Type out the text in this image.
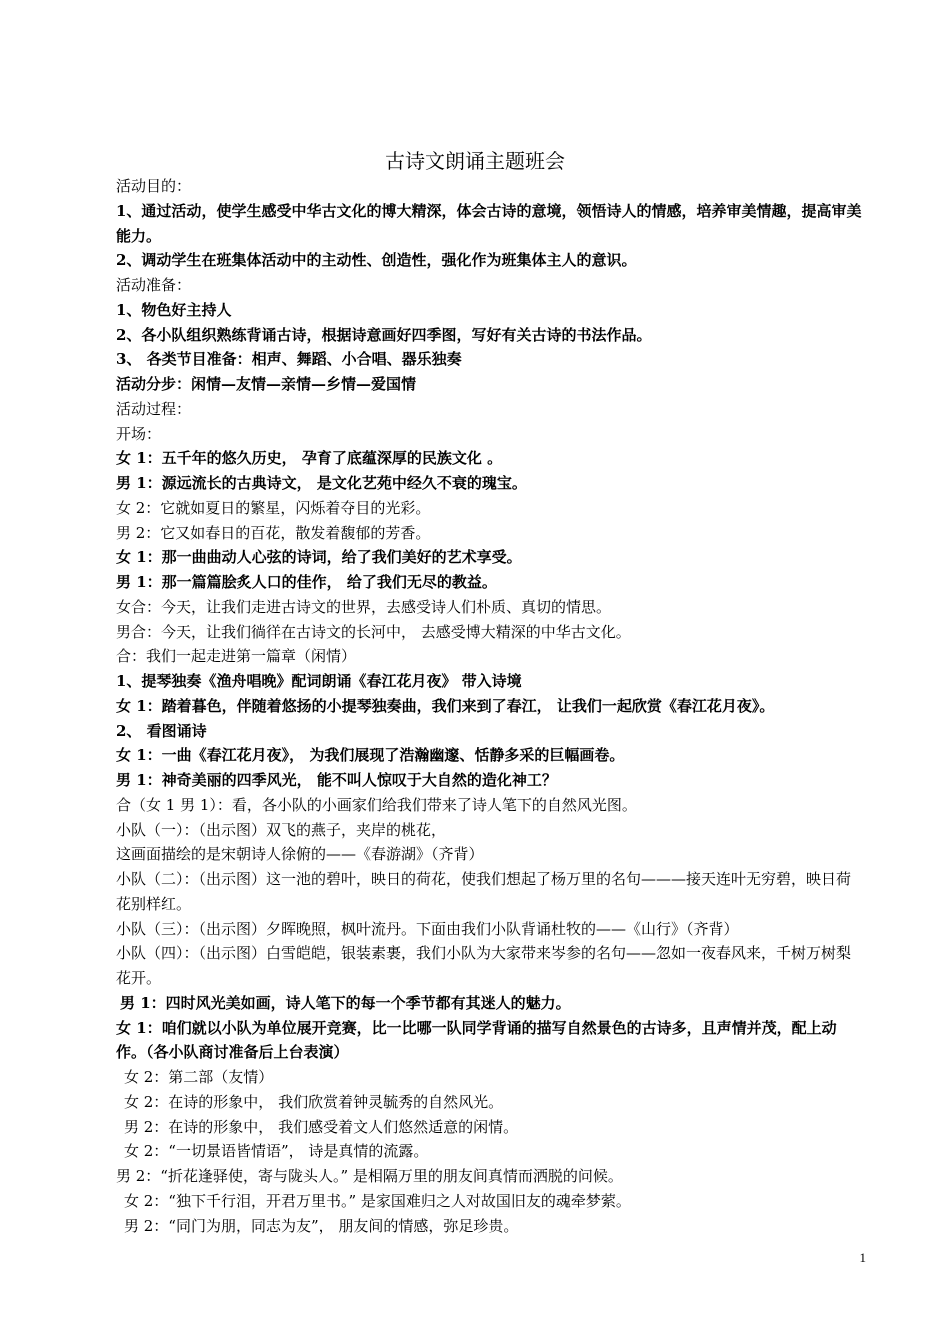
古诗文朗诵主题班会

活动目的：

1、通过活动，使学生感受中华古文化的博大精深，体会古诗的意境，领悟诗人的情感，培养审美情趣，提高审美能力。

2、调动学生在班集体活动中的主动性、创造性，强化作为班集体主人的意识。

活动准备：

1、物色好主持人

2、各小队组织熟练背诵古诗，根据诗意画好四季图，写好有关古诗的书法作品。

3、 各类节目准备：相声、舞蹈、小合唱、器乐独奏

活动分步：闲情—友情—亲情—乡情—爱国情

活动过程：

开场：

女 1：五千年的悠久历史， 孕育了底蕴深厚的民族文化 。

男 1：源远流长的古典诗文， 是文化艺苑中经久不衰的瑰宝。

女 2：它就如夏日的繁星，闪烁着夺目的光彩。

男 2：它又如春日的百花，散发着馥郁的芳香。

女 1：那一曲曲动人心弦的诗词，给了我们美好的艺术享受。

男 1：那一篇篇脍炙人口的佳作， 给了我们无尽的教益。

女合：今天，让我们走进古诗文的世界，去感受诗人们朴质、真切的情思。

男合：今天，让我们徜徉在古诗文的长河中， 去感受博大精深的中华古文化。

合：我们一起走进第一篇章（闲情）

1、提琴独奏《渔舟唱晚》配词朗诵《春江花月夜》 带入诗境

女 1：踏着暮色，伴随着悠扬的小提琴独奏曲，我们来到了春江， 让我们一起欣赏《春江花月夜》。

2、 看图诵诗

女 1：一曲《春江花月夜》， 为我们展现了浩瀚幽邃、恬静多采的巨幅画卷。

男 1：神奇美丽的四季风光， 能不叫人惊叹于大自然的造化神工？

合（女 1 男 1）：看，各小队的小画家们给我们带来了诗人笔下的自然风光图。

小队（一）：（出示图）双飞的燕子，夹岸的桃花，

这画面描绘的是宋朝诗人徐俯的——《春游湖》（齐背）

小队（二）：（出示图）这一池的碧叶，映日的荷花，使我们想起了杨万里的名句———接天连叶无穷碧，映日荷花别样红。

小队（三）：（出示图）夕晖晚照，枫叶流丹。下面由我们小队背诵杜牧的——《山行》（齐背）

小队（四）：（出示图）白雪皑皑，银装素裹，我们小队为大家带来岑参的名句——忽如一夜春风来，千树万树梨花开。

男 1：四时风光美如画，诗人笔下的每一个季节都有其迷人的魅力。

女 1：咱们就以小队为单位展开竞赛，比一比哪一队同学背诵的描写自然景色的古诗多，且声情并茂，配上动作。（各小队商讨准备后上台表演）

女 2：第二部（友情）

女 2：在诗的形象中， 我们欣赏着钟灵毓秀的自然风光。

男 2：在诗的形象中， 我们感受着文人们悠然适意的闲情。

女 2：“一切景语皆情语”， 诗是真情的流露。

男 2：“折花逢驿使，寄与陇头人。” 是相隔万里的朋友间真情而洒脱的问候。

女 2：“独下千行泪，开君万里书。” 是家国难归之人对故国旧友的魂牵梦萦。

男 2：“同门为朋，同志为友”， 朋友间的情感，弥足珍贵。

1
